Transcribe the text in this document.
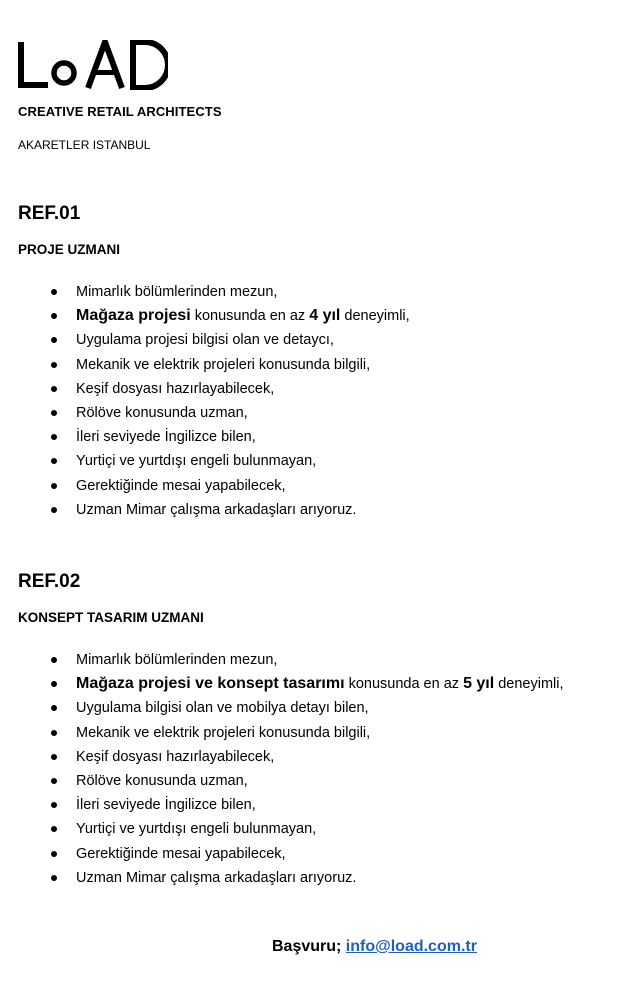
CREATIVE RETAIL ARCHITECTS
AKARETLER ISTANBUL
REF.01
PROJE UZMANI
Mimarlık bölümlerinden mezun,
Mağaza projesi konusunda en az 4 yıl deneyimli,
Uygulama projesi bilgisi olan ve detaycı,
Mekanik ve elektrik projeleri konusunda bilgili,
Keşif dosyası hazırlayabilecek,
Rölöve konusunda uzman,
İleri seviyede İngilizce bilen,
Yurtiçi ve yurtdışı engeli bulunmayan,
Gerektiğinde mesai yapabilecek,
Uzman Mimar çalışma arkadaşları arıyoruz.
REF.02
KONSEPT TASARIM UZMANI
Mimarlık bölümlerinden mezun,
Mağaza projesi ve konsept tasarımı konusunda en az 5 yıl deneyimli,
Uygulama bilgisi olan ve mobilya detayı bilen,
Mekanik ve elektrik projeleri konusunda bilgili,
Keşif dosyası hazırlayabilecek,
Rölöve konusunda uzman,
İleri seviyede İngilizce bilen,
Yurtiçi ve yurtdışı engeli bulunmayan,
Gerektiğinde mesai yapabilecek,
Uzman Mimar çalışma arkadaşları arıyoruz.
Başvuru; info@load.com.tr
